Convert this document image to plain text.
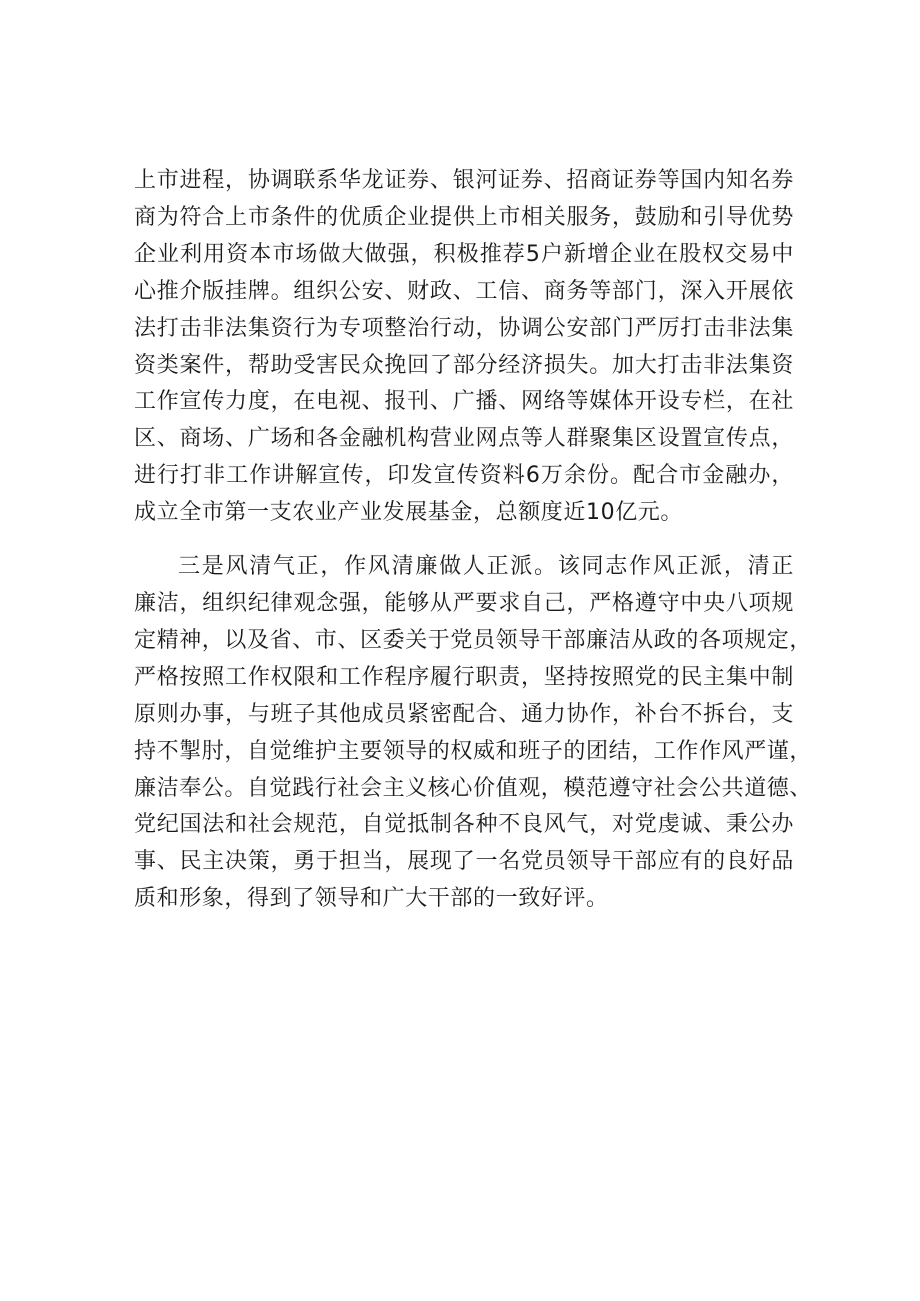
上市进程，协调联系华龙证券、银河证券、招商证券等国内知名券
商为符合上市条件的优质企业提供上市相关服务，鼓励和引导优势
企业利用资本市场做大做强，积极推荐5户新增企业在股权交易中
心推介版挂牌。组织公安、财政、工信、商务等部门，深入开展依
法打击非法集资行为专项整治行动，协调公安部门严厉打击非法集
资类案件，帮助受害民众挽回了部分经济损失。加大打击非法集资
工作宣传力度，在电视、报刊、广播、网络等媒体开设专栏，在社
区、商场、广场和各金融机构营业网点等人群聚集区设置宣传点，
进行打非工作讲解宣传，印发宣传资料6万余份。配合市金融办，
成立全市第一支农业产业发展基金，总额度近10亿元。

三是风清气正，作风清廉做人正派。该同志作风正派，清正
廉洁，组织纪律观念强，能够从严要求自己，严格遵守中央八项规
定精神，以及省、市、区委关于党员领导干部廉洁从政的各项规定，
严格按照工作权限和工作程序履行职责，坚持按照党的民主集中制
原则办事，与班子其他成员紧密配合、通力协作，补台不拆台，支
持不掣肘，自觉维护主要领导的权威和班子的团结，工作作风严谨，
廉洁奉公。自觉践行社会主义核心价值观，模范遵守社会公共道德、
党纪国法和社会规范，自觉抵制各种不良风气，对党虔诚、秉公办
事、民主决策，勇于担当，展现了一名党员领导干部应有的良好品
质和形象，得到了领导和广大干部的一致好评。
